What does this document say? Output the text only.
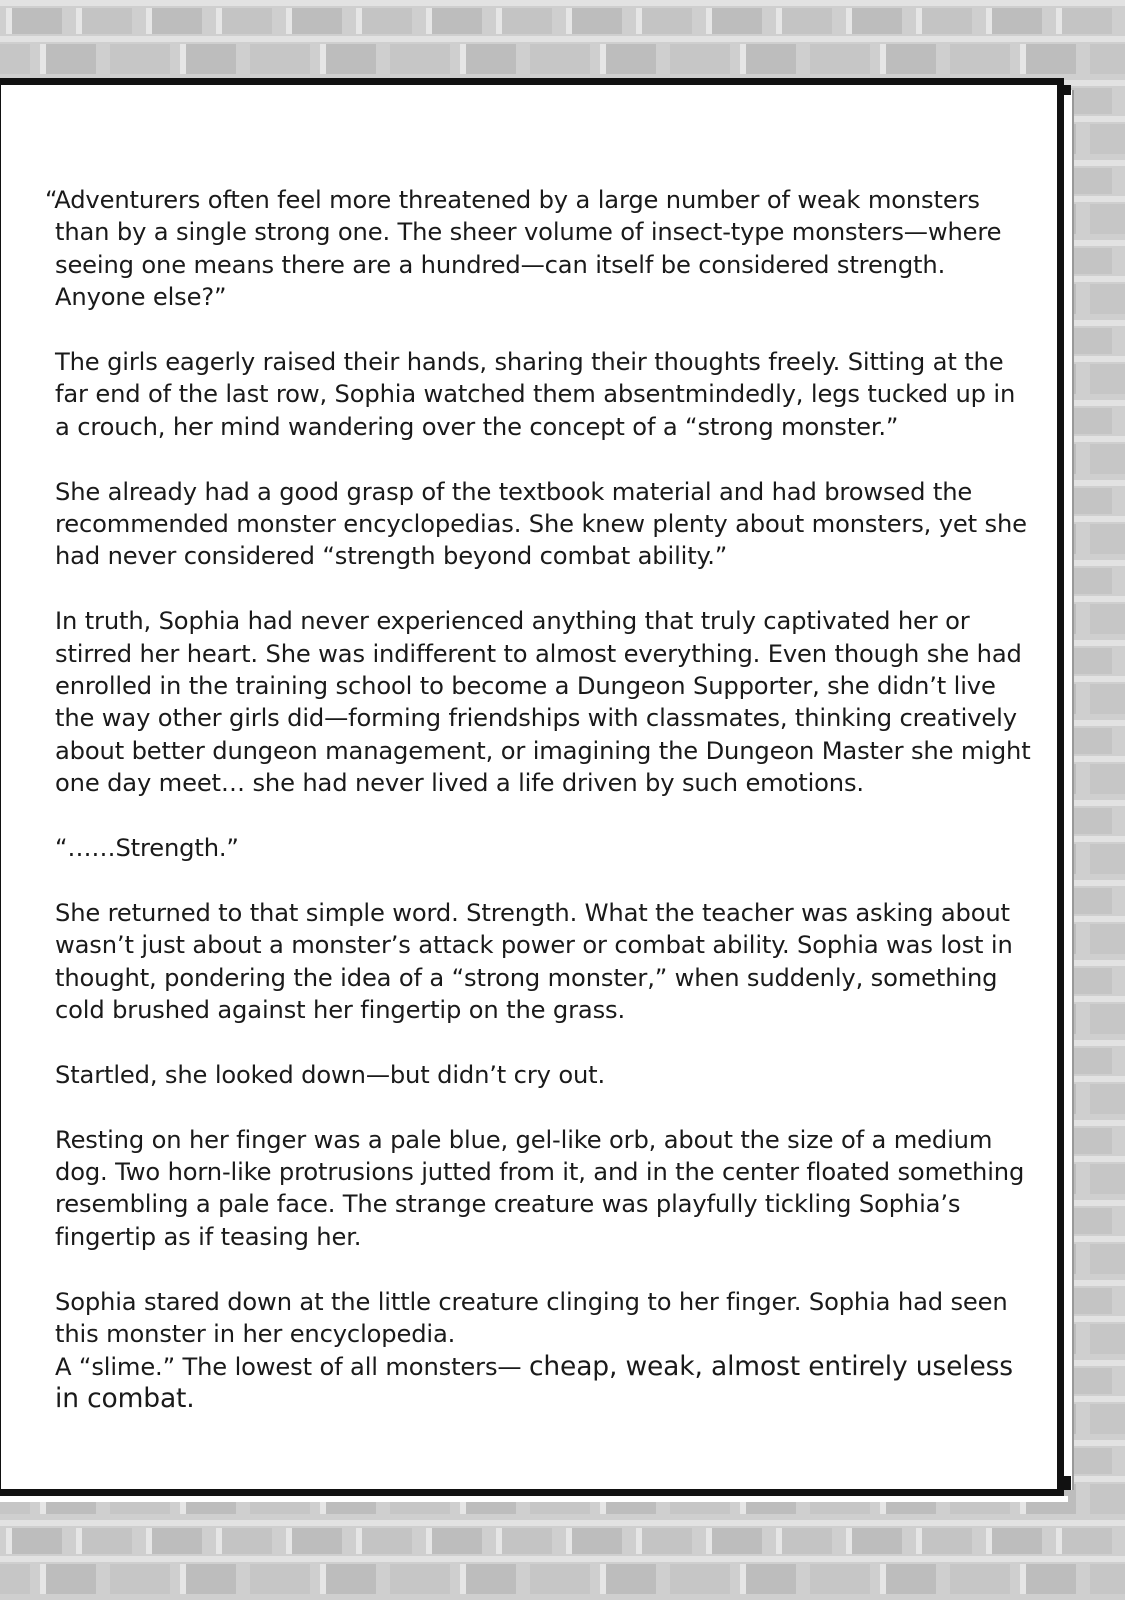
“Adventurers often feel more threatened by a large number of weak monsters than by a single strong one. The sheer volume of insect-type monsters—where seeing one means there are a hundred—can itself be considered strength. Anyone else?”

The girls eagerly raised their hands, sharing their thoughts freely. Sitting at the far end of the last row, Sophia watched them absentmindedly, legs tucked up in a crouch, her mind wandering over the concept of a “strong monster.”

She already had a good grasp of the textbook material and had browsed the recommended monster encyclopedias. She knew plenty about monsters, yet she had never considered “strength beyond combat ability.”

In truth, Sophia had never experienced anything that truly captivated her or stirred her heart. She was indifferent to almost everything. Even though she had enrolled in the training school to become a Dungeon Supporter, she didn’t live the way other girls did—forming friendships with classmates, thinking creatively about better dungeon management, or imagining the Dungeon Master she might one day meet… she had never lived a life driven by such emotions.

“……Strength.”

She returned to that simple word. Strength. What the teacher was asking about wasn’t just about a monster’s attack power or combat ability. Sophia was lost in thought, pondering the idea of a “strong monster,” when suddenly, something cold brushed against her fingertip on the grass.

Startled, she looked down—but didn’t cry out.

Resting on her finger was a pale blue, gel-like orb, about the size of a medium dog. Two horn-like protrusions jutted from it, and in the center floated something resembling a pale face. The strange creature was playfully tickling Sophia’s fingertip as if teasing her.

Sophia stared down at the little creature clinging to her finger. Sophia had seen this monster in her encyclopedia.

A “slime.” The lowest of all monsters— cheap, weak, almost entirely useless in combat.
